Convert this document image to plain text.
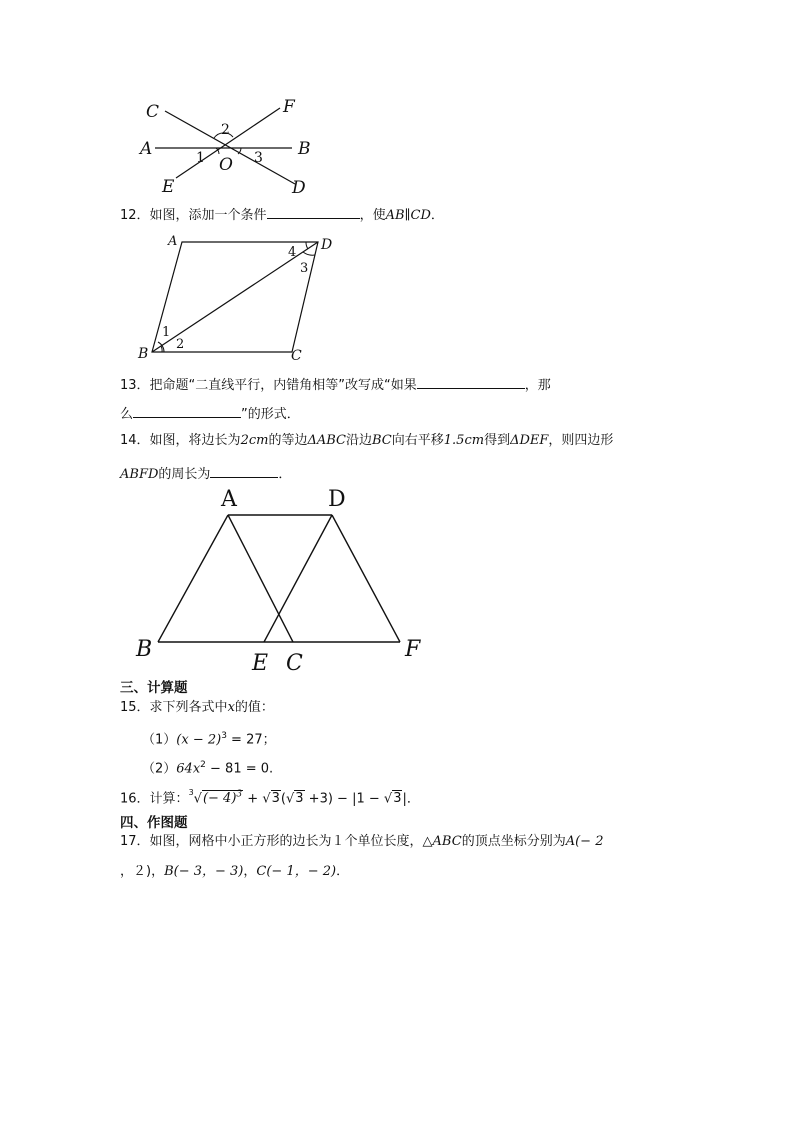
C	F
A	B
E	D
O
2
1	3
12．如图，添加一个条件	，使AB∥CD．
A	D
B	C
4
3
1
2
13．把命题“二直线平行，内错角相等”改写成“如果	，那
么	”的形式．
14．如图，将边长为2cm的等边ΔABC沿边BC向右平移1.5cm得到ΔDEF，则四边形
ABFD的周长为	．
A	D
B
E C
F
三、计算题
15．求下列各式中x的值：
$(1)(x - 2)^3 = 27$；
$(2)64x^2 - 81 = 0$.
16．计算：$^3√(- 4)^3 + √3(√3 +3) - |1 - √3|$．
四、作图题
17．如图，网格中小正方形的边长为１个单位长度，△ABC的顶点坐标分别为A(− 2
，２)，B(− 3，− 3)，C(− 1，− 2)．
